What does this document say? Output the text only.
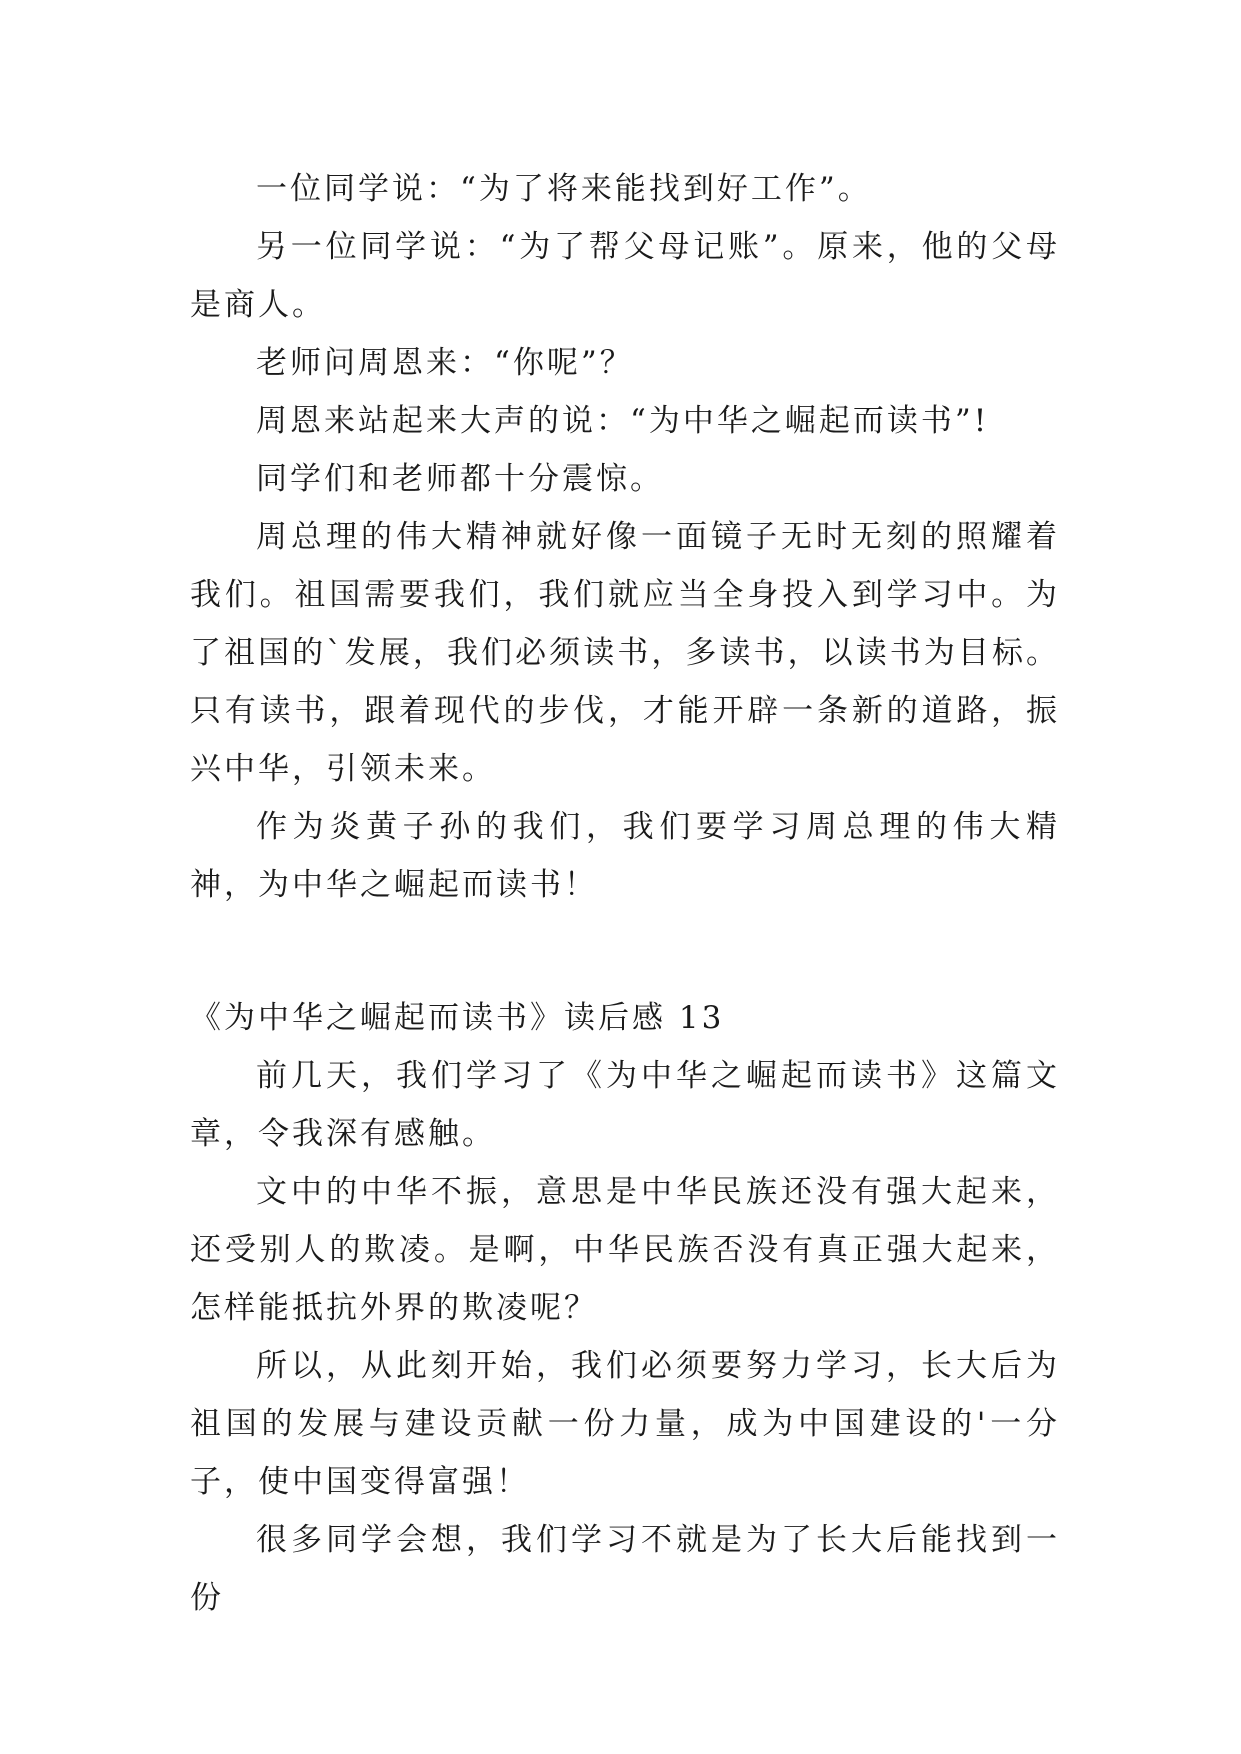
一位同学说：“为了将来能找到好工作”。

另一位同学说：“为了帮父母记账”。原来，他的父母是商人。

老师问周恩来：“你呢”？

周恩来站起来大声的说：“为中华之崛起而读书”!

同学们和老师都十分震惊。

周总理的伟大精神就好像一面镜子无时无刻的照耀着我们。祖国需要我们，我们就应当全身投入到学习中。为了祖国的`发展，我们必须读书，多读书，以读书为目标。只有读书，跟着现代的步伐，才能开辟一条新的道路，振兴中华，引领未来。

作为炎黄子孙的我们，我们要学习周总理的伟大精神，为中华之崛起而读书！

《为中华之崛起而读书》读后感 13

前几天，我们学习了《为中华之崛起而读书》这篇文章，令我深有感触。

文中的中华不振，意思是中华民族还没有强大起来，还受别人的欺凌。是啊，中华民族否没有真正强大起来，怎样能抵抗外界的欺凌呢？

所以，从此刻开始，我们必须要努力学习，长大后为祖国的发展与建设贡献一份力量，成为中国建设的'一分子，使中国变得富强！

很多同学会想，我们学习不就是为了长大后能找到一份
